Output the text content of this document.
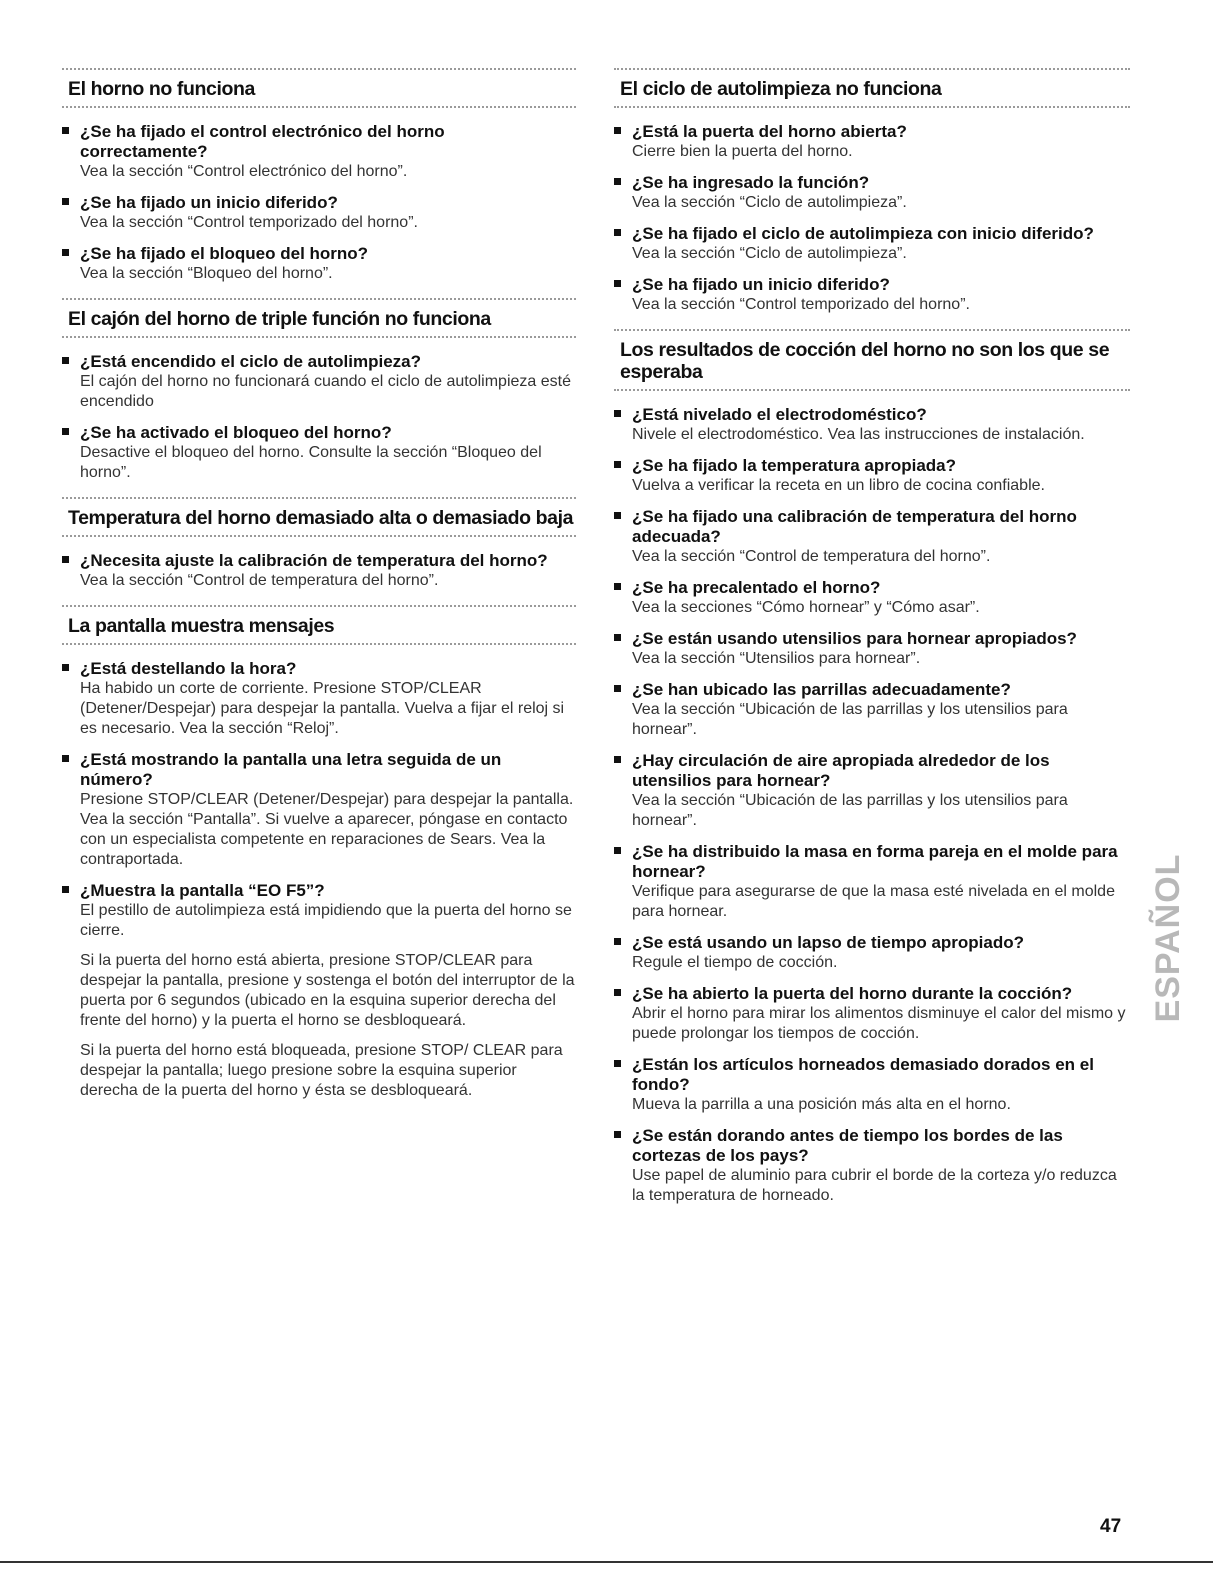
El horno no funciona
¿Se ha fijado el control electrónico del horno correctamente?
Vea la sección “Control electrónico del horno”.
¿Se ha fijado un inicio diferido?
Vea la sección “Control temporizado del horno”.
¿Se ha fijado el bloqueo del horno?
Vea la sección “Bloqueo del horno”.
El cajón del horno de triple función no funciona
¿Está encendido el ciclo de autolimpieza?
El cajón del horno no funcionará cuando el ciclo de autolimpieza esté encendido
¿Se ha activado el bloqueo del horno?
Desactive el bloqueo del horno. Consulte la sección “Bloqueo del horno”.
Temperatura del horno demasiado alta o demasiado baja
¿Necesita ajuste la calibración de temperatura del horno?
Vea la sección “Control de temperatura del horno”.
La pantalla muestra mensajes
¿Está destellando la hora?
Ha habido un corte de corriente. Presione STOP/CLEAR (Detener/Despejar) para despejar la pantalla. Vuelva a fijar el reloj si es necesario. Vea la sección “Reloj”.
¿Está mostrando la pantalla una letra seguida de un número?
Presione STOP/CLEAR (Detener/Despejar) para despejar la pantalla. Vea la sección “Pantalla”. Si vuelve a aparecer, póngase en contacto con un especialista competente en reparaciones de Sears. Vea la contraportada.
¿Muestra la pantalla “EO F5”?
El pestillo de autolimpieza está impidiendo que la puerta del horno se cierre.
Si la puerta del horno está abierta, presione STOP/CLEAR para despejar la pantalla, presione y sostenga el botón del interruptor de la puerta por 6 segundos (ubicado en la esquina superior derecha del frente del horno) y la puerta el horno se desbloqueará.
Si la puerta del horno está bloqueada, presione STOP/ CLEAR para despejar la pantalla; luego presione sobre la esquina superior derecha de la puerta del horno y ésta se desbloqueará.
El ciclo de autolimpieza no funciona
¿Está la puerta del horno abierta?
Cierre bien la puerta del horno.
¿Se ha ingresado la función?
Vea la sección “Ciclo de autolimpieza”.
¿Se ha fijado el ciclo de autolimpieza con inicio diferido?
Vea la sección “Ciclo de autolimpieza”.
¿Se ha fijado un inicio diferido?
Vea la sección “Control temporizado del horno”.
Los resultados de cocción del horno no son los que se esperaba
¿Está nivelado el electrodoméstico?
Nivele el electrodoméstico. Vea las instrucciones de instalación.
¿Se ha fijado la temperatura apropiada?
Vuelva a verificar la receta en un libro de cocina confiable.
¿Se ha fijado una calibración de temperatura del horno adecuada?
Vea la sección “Control de temperatura del horno”.
¿Se ha precalentado el horno?
Vea la secciones “Cómo hornear” y “Cómo asar”.
¿Se están usando utensilios para hornear apropiados?
Vea la sección “Utensilios para hornear”.
¿Se han ubicado las parrillas adecuadamente?
Vea la sección “Ubicación de las parrillas y los utensilios para hornear”.
¿Hay circulación de aire apropiada alrededor de los utensilios para hornear?
Vea la sección “Ubicación de las parrillas y los utensilios para hornear”.
¿Se ha distribuido la masa en forma pareja en el molde para hornear?
Verifique para asegurarse de que la masa esté nivelada en el molde para hornear.
¿Se está usando un lapso de tiempo apropiado?
Regule el tiempo de cocción.
¿Se ha abierto la puerta del horno durante la cocción?
Abrir el horno para mirar los alimentos disminuye el calor del mismo y puede prolongar los tiempos de cocción.
¿Están los artículos horneados demasiado dorados en el fondo?
Mueva la parrilla a una posición más alta en el horno.
¿Se están dorando antes de tiempo los bordes de las cortezas de los pays?
Use papel de aluminio para cubrir el borde de la corteza y/o reduzca la temperatura de horneado.
ESPAÑOL
47
